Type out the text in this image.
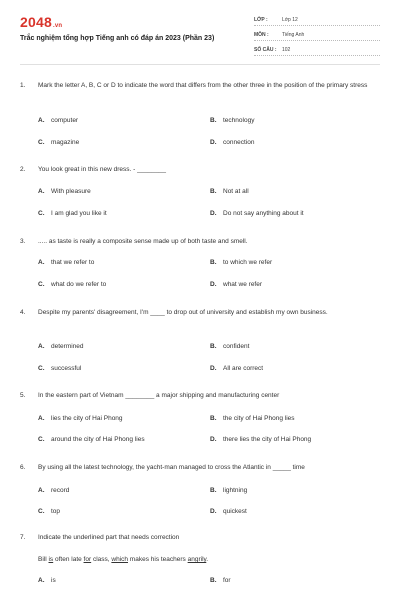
2048.vn
Trắc nghiệm tổng hợp Tiếng anh có đáp án 2023 (Phần 23)
LỚP :	Lớp 12
MÔN :	Tiếng Anh
SỐ CÂU : 102
1.	Mark the letter A, B, C or D to indicate the word that differs from the other three in the position of the primary stress
A. computer	B. technology
C. magazine	D. connection
2.	You look great in this new dress. - ________
A. With pleasure	B. Not at all
C. I am glad you like it	D. Do not say anything about it
3.	..... as taste is really a composite sense made up of both taste and smell.
A. that we refer to	B. to which we refer
C. what do we refer to	D. what we refer
4.	Despite my parents' disagreement, I'm ____ to drop out of university and establish my own business.
A. determined	B. confident
C. successful	D. All are correct
5.	In the eastern part of Vietnam ________ a major shipping and manufacturing center
A. lies the city of Hai Phong	B. the city of Hai Phong lies
C. around the city of Hai Phong lies	D. there lies the city of Hai Phong
6.	By using all the latest technology, the yacht-man managed to cross the Atlantic in _____ time
A. record	B. lightning
C. top	D. quickest
7.	Indicate the underlined part that needs correction
Bill is often late for class, which makes his teachers angrily.
A. is	B. for
